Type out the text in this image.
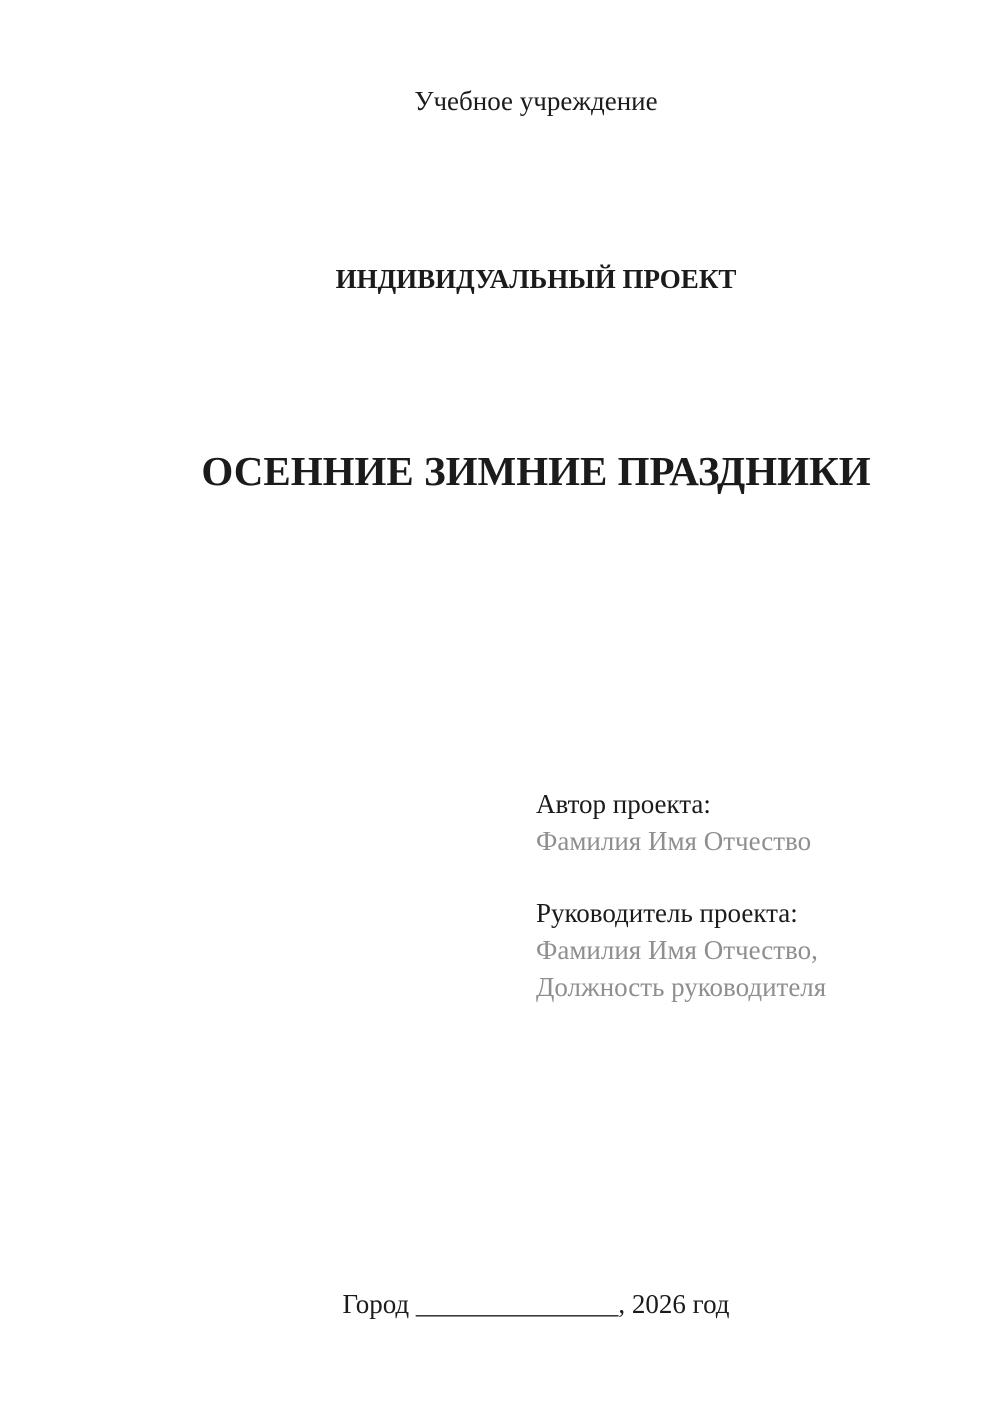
Учебное учреждение
ИНДИВИДУАЛЬНЫЙ ПРОЕКТ
ОСЕННИЕ ЗИМНИЕ ПРАЗДНИКИ
Автор проекта:
Фамилия Имя Отчество
Руководитель проекта:
Фамилия Имя Отчество,
Должность руководителя
Город _______________, 2026 год
